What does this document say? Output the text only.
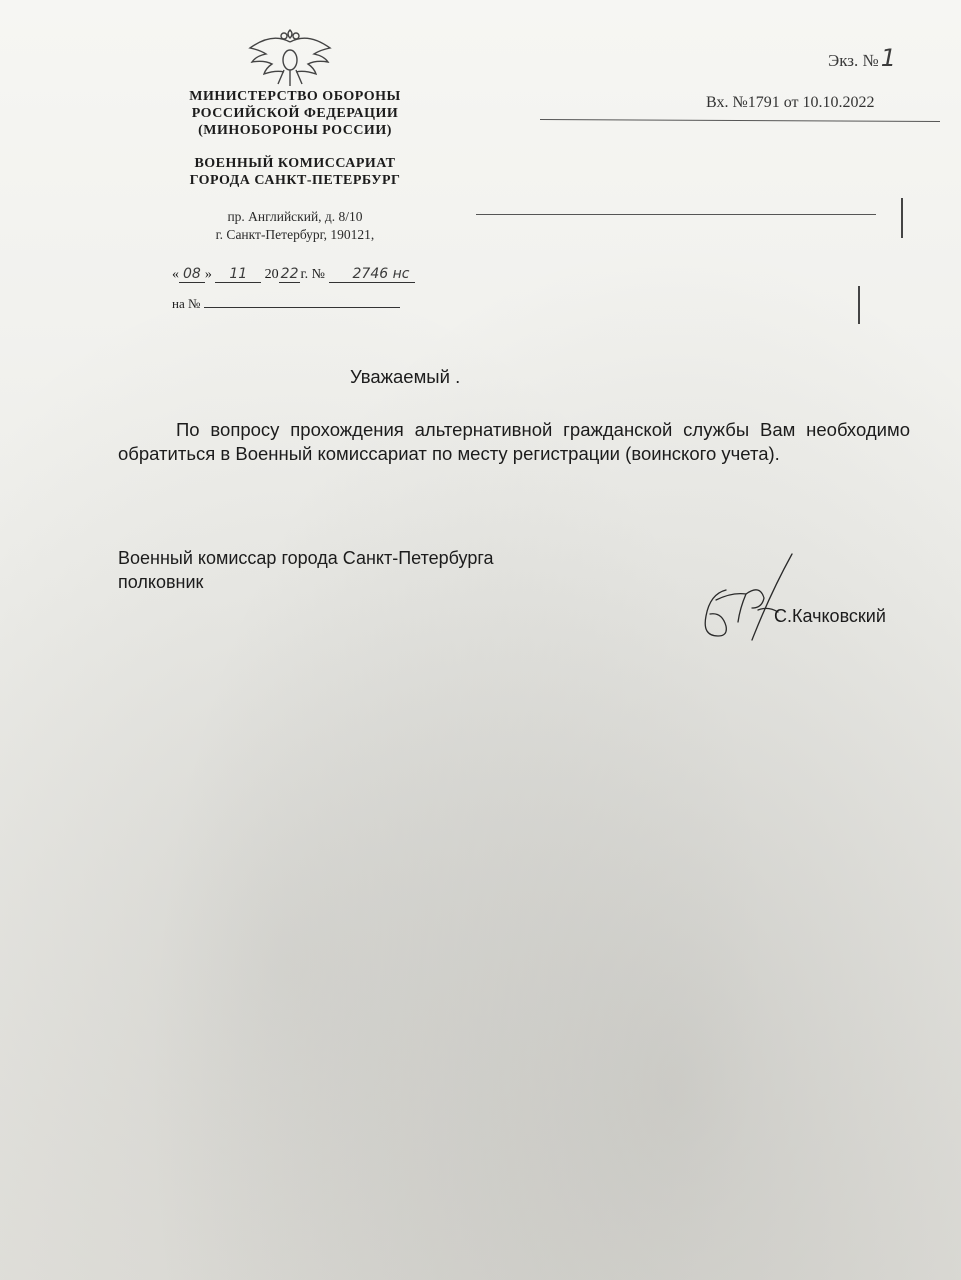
МИНИСТЕРСТВО ОБОРОНЫ
РОССИЙСКОЙ ФЕДЕРАЦИИ
(МИНОБОРОНЫ РОССИИ)
ВОЕННЫЙ КОМИССАРИАТ
ГОРОДА САНКТ-ПЕТЕРБУРГ
пр. Английский, д. 8/10
г. Санкт-Петербург, 190121,
« 08 » 11 20 22 г. № 2746 нс
на №
Экз. №1
Вх. №1791 от 10.10.2022
Уважаемый .
По вопросу прохождения альтернативной гражданской службы Вам необходимо обратиться в Военный комиссариат по месту регистрации (воинского учета).
Военный комиссар города Санкт-Петербурга
полковник
С.Качковский
